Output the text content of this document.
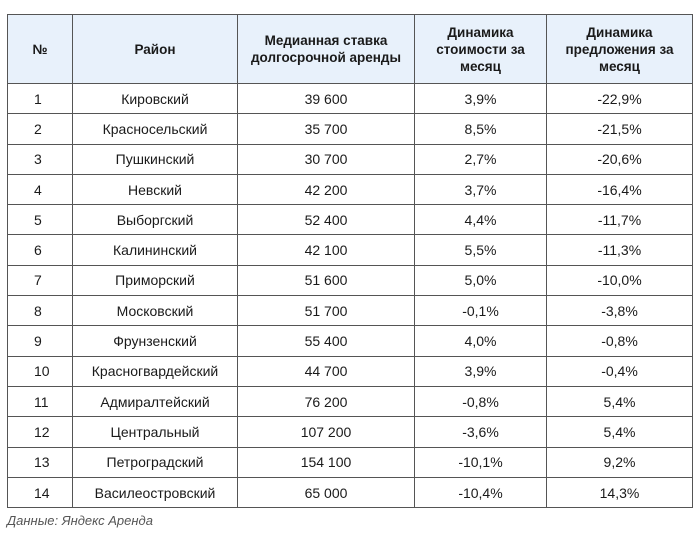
№	Район	Медианная ставка долгосрочной аренды	Динамика стоимости за месяц	Динамика предложения за месяц
1	Кировский	39 600	3,9%	-22,9%
2	Красносельский	35 700	8,5%	-21,5%
3	Пушкинский	30 700	2,7%	-20,6%
4	Невский	42 200	3,7%	-16,4%
5	Выборгский	52 400	4,4%	-11,7%
6	Калининский	42 100	5,5%	-11,3%
7	Приморский	51 600	5,0%	-10,0%
8	Московский	51 700	-0,1%	-3,8%
9	Фрунзенский	55 400	4,0%	-0,8%
10	Красногвардейский	44 700	3,9%	-0,4%
11	Адмиралтейский	76 200	-0,8%	5,4%
12	Центральный	107 200	-3,6%	5,4%
13	Петроградский	154 100	-10,1%	9,2%
14	Василеостровский	65 000	-10,4%	14,3%
Данные: Яндекс Аренда
